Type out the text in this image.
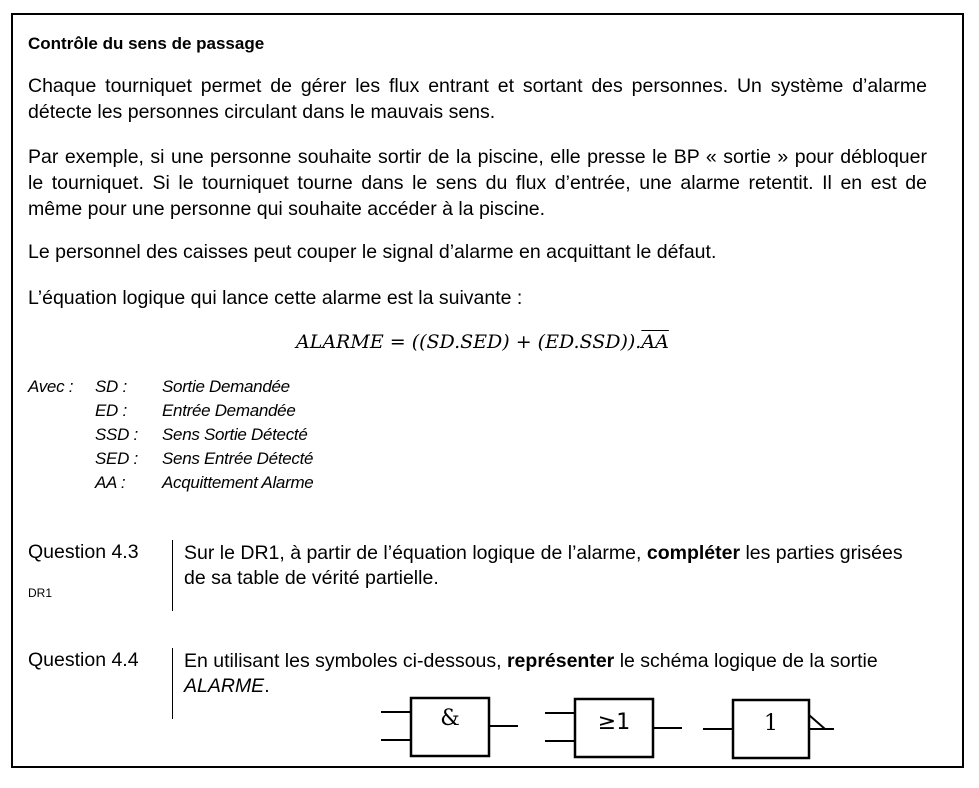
Contrôle du sens de passage
Chaque tourniquet permet de gérer les flux entrant et sortant des personnes. Un système d’alarme détecte les personnes circulant dans le mauvais sens.
Par exemple, si une personne souhaite sortir de la piscine, elle presse le BP « sortie » pour débloquer le tourniquet. Si le tourniquet tourne dans le sens du flux d’entrée, une alarme retentit. Il en est de même pour une personne qui souhaite accéder à la piscine.
Le personnel des caisses peut couper le signal d’alarme en acquittant le défaut.
L’équation logique qui lance cette alarme est la suivante :
ALARME = $((SD.SED) + (ED.SSD)).\overline{AA}$
Avec : SD : Sortie Demandée
ED : Entrée Demandée
SSD : Sens Sortie Détecté
SED : Sens Entrée Détecté
AA : Acquittement Alarme
Question 4.3
DR1
Sur le DR1, à partir de l’équation logique de l’alarme, compléter les parties grisées de sa table de vérité partielle.
Question 4.4 En utilisant les symboles ci-dessous, représenter le schéma logique de la sortie ALARME.
&	≥1	1
